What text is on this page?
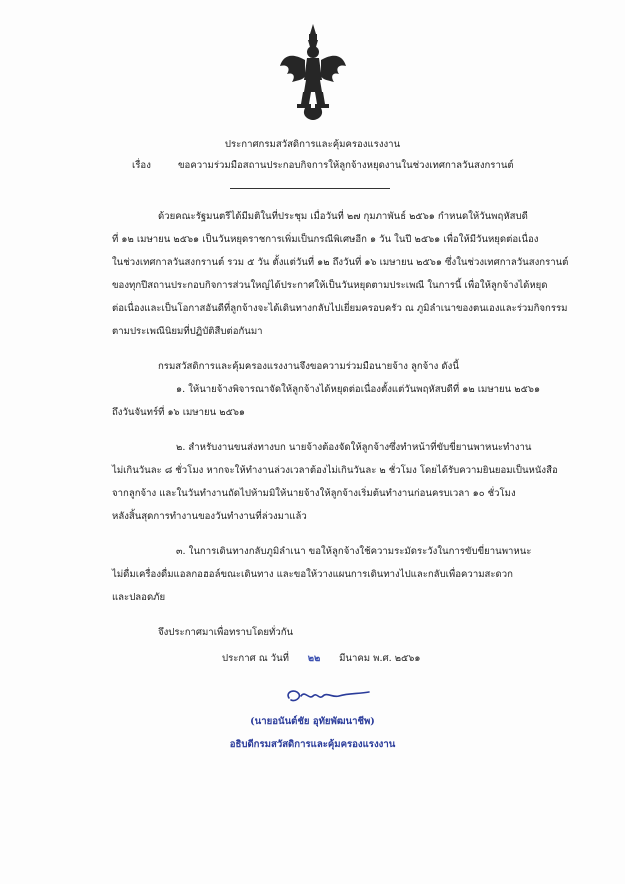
ประกาศกรมสวัสดิการและคุ้มครองแรงงาน
เรื่อง	ขอความร่วมมือสถานประกอบกิจการให้ลูกจ้างหยุดงานในช่วงเทศกาลวันสงกรานต์
ด้วยคณะรัฐมนตรีได้มีมติในที่ประชุม เมื่อวันที่ ๒๗ กุมภาพันธ์ ๒๕๖๑ กำหนดให้วันพฤหัสบดี
ที่ ๑๒ เมษายน ๒๕๖๑ เป็นวันหยุดราชการเพิ่มเป็นกรณีพิเศษอีก ๑ วัน ในปี ๒๕๖๑ เพื่อให้มีวันหยุดต่อเนื่อง
ในช่วงเทศกาลวันสงกรานต์ รวม ๕ วัน ตั้งแต่วันที่ ๑๒ ถึงวันที่ ๑๖ เมษายน ๒๕๖๑ ซึ่งในช่วงเทศกาลวันสงกรานต์
ของทุกปีสถานประกอบกิจการส่วนใหญ่ได้ประกาศให้เป็นวันหยุดตามประเพณี ในการนี้ เพื่อให้ลูกจ้างได้หยุด
ต่อเนื่องและเป็นโอกาสอันดีที่ลูกจ้างจะได้เดินทางกลับไปเยี่ยมครอบครัว ณ ภูมิลำเนาของตนเองและร่วมกิจกรรม
ตามประเพณีนิยมที่ปฏิบัติสืบต่อกันมา
กรมสวัสดิการและคุ้มครองแรงงานจึงขอความร่วมมือนายจ้าง ลูกจ้าง ดังนี้
๑. ให้นายจ้างพิจารณาจัดให้ลูกจ้างได้หยุดต่อเนื่องตั้งแต่วันพฤหัสบดีที่ ๑๒ เมษายน ๒๕๖๑
ถึงวันจันทร์ที่ ๑๖ เมษายน ๒๕๖๑
๒. สำหรับงานขนส่งทางบก นายจ้างต้องจัดให้ลูกจ้างซึ่งทำหน้าที่ขับขี่ยานพาหนะทำงาน
ไม่เกินวันละ ๘ ชั่วโมง หากจะให้ทำงานล่วงเวลาต้องไม่เกินวันละ ๒ ชั่วโมง โดยได้รับความยินยอมเป็นหนังสือ
จากลูกจ้าง และในวันทำงานถัดไปห้ามมิให้นายจ้างให้ลูกจ้างเริ่มต้นทำงานก่อนครบเวลา ๑๐ ชั่วโมง
หลังสิ้นสุดการทำงานของวันทำงานที่ล่วงมาแล้ว
๓. ในการเดินทางกลับภูมิลำเนา ขอให้ลูกจ้างใช้ความระมัดระวังในการขับขี่ยานพาหนะ
ไม่ดื่มเครื่องดื่มแอลกอฮอล์ขณะเดินทาง และขอให้วางแผนการเดินทางไปและกลับเพื่อความสะดวก
และปลอดภัย
จึงประกาศมาเพื่อทราบโดยทั่วกัน
ประกาศ ณ วันที่ ๒๒ มีนาคม พ.ศ. ๒๕๖๑
(นายอนันต์ชัย อุทัยพัฒนาชีพ)
อธิบดีกรมสวัสดิการและคุ้มครองแรงงาน
